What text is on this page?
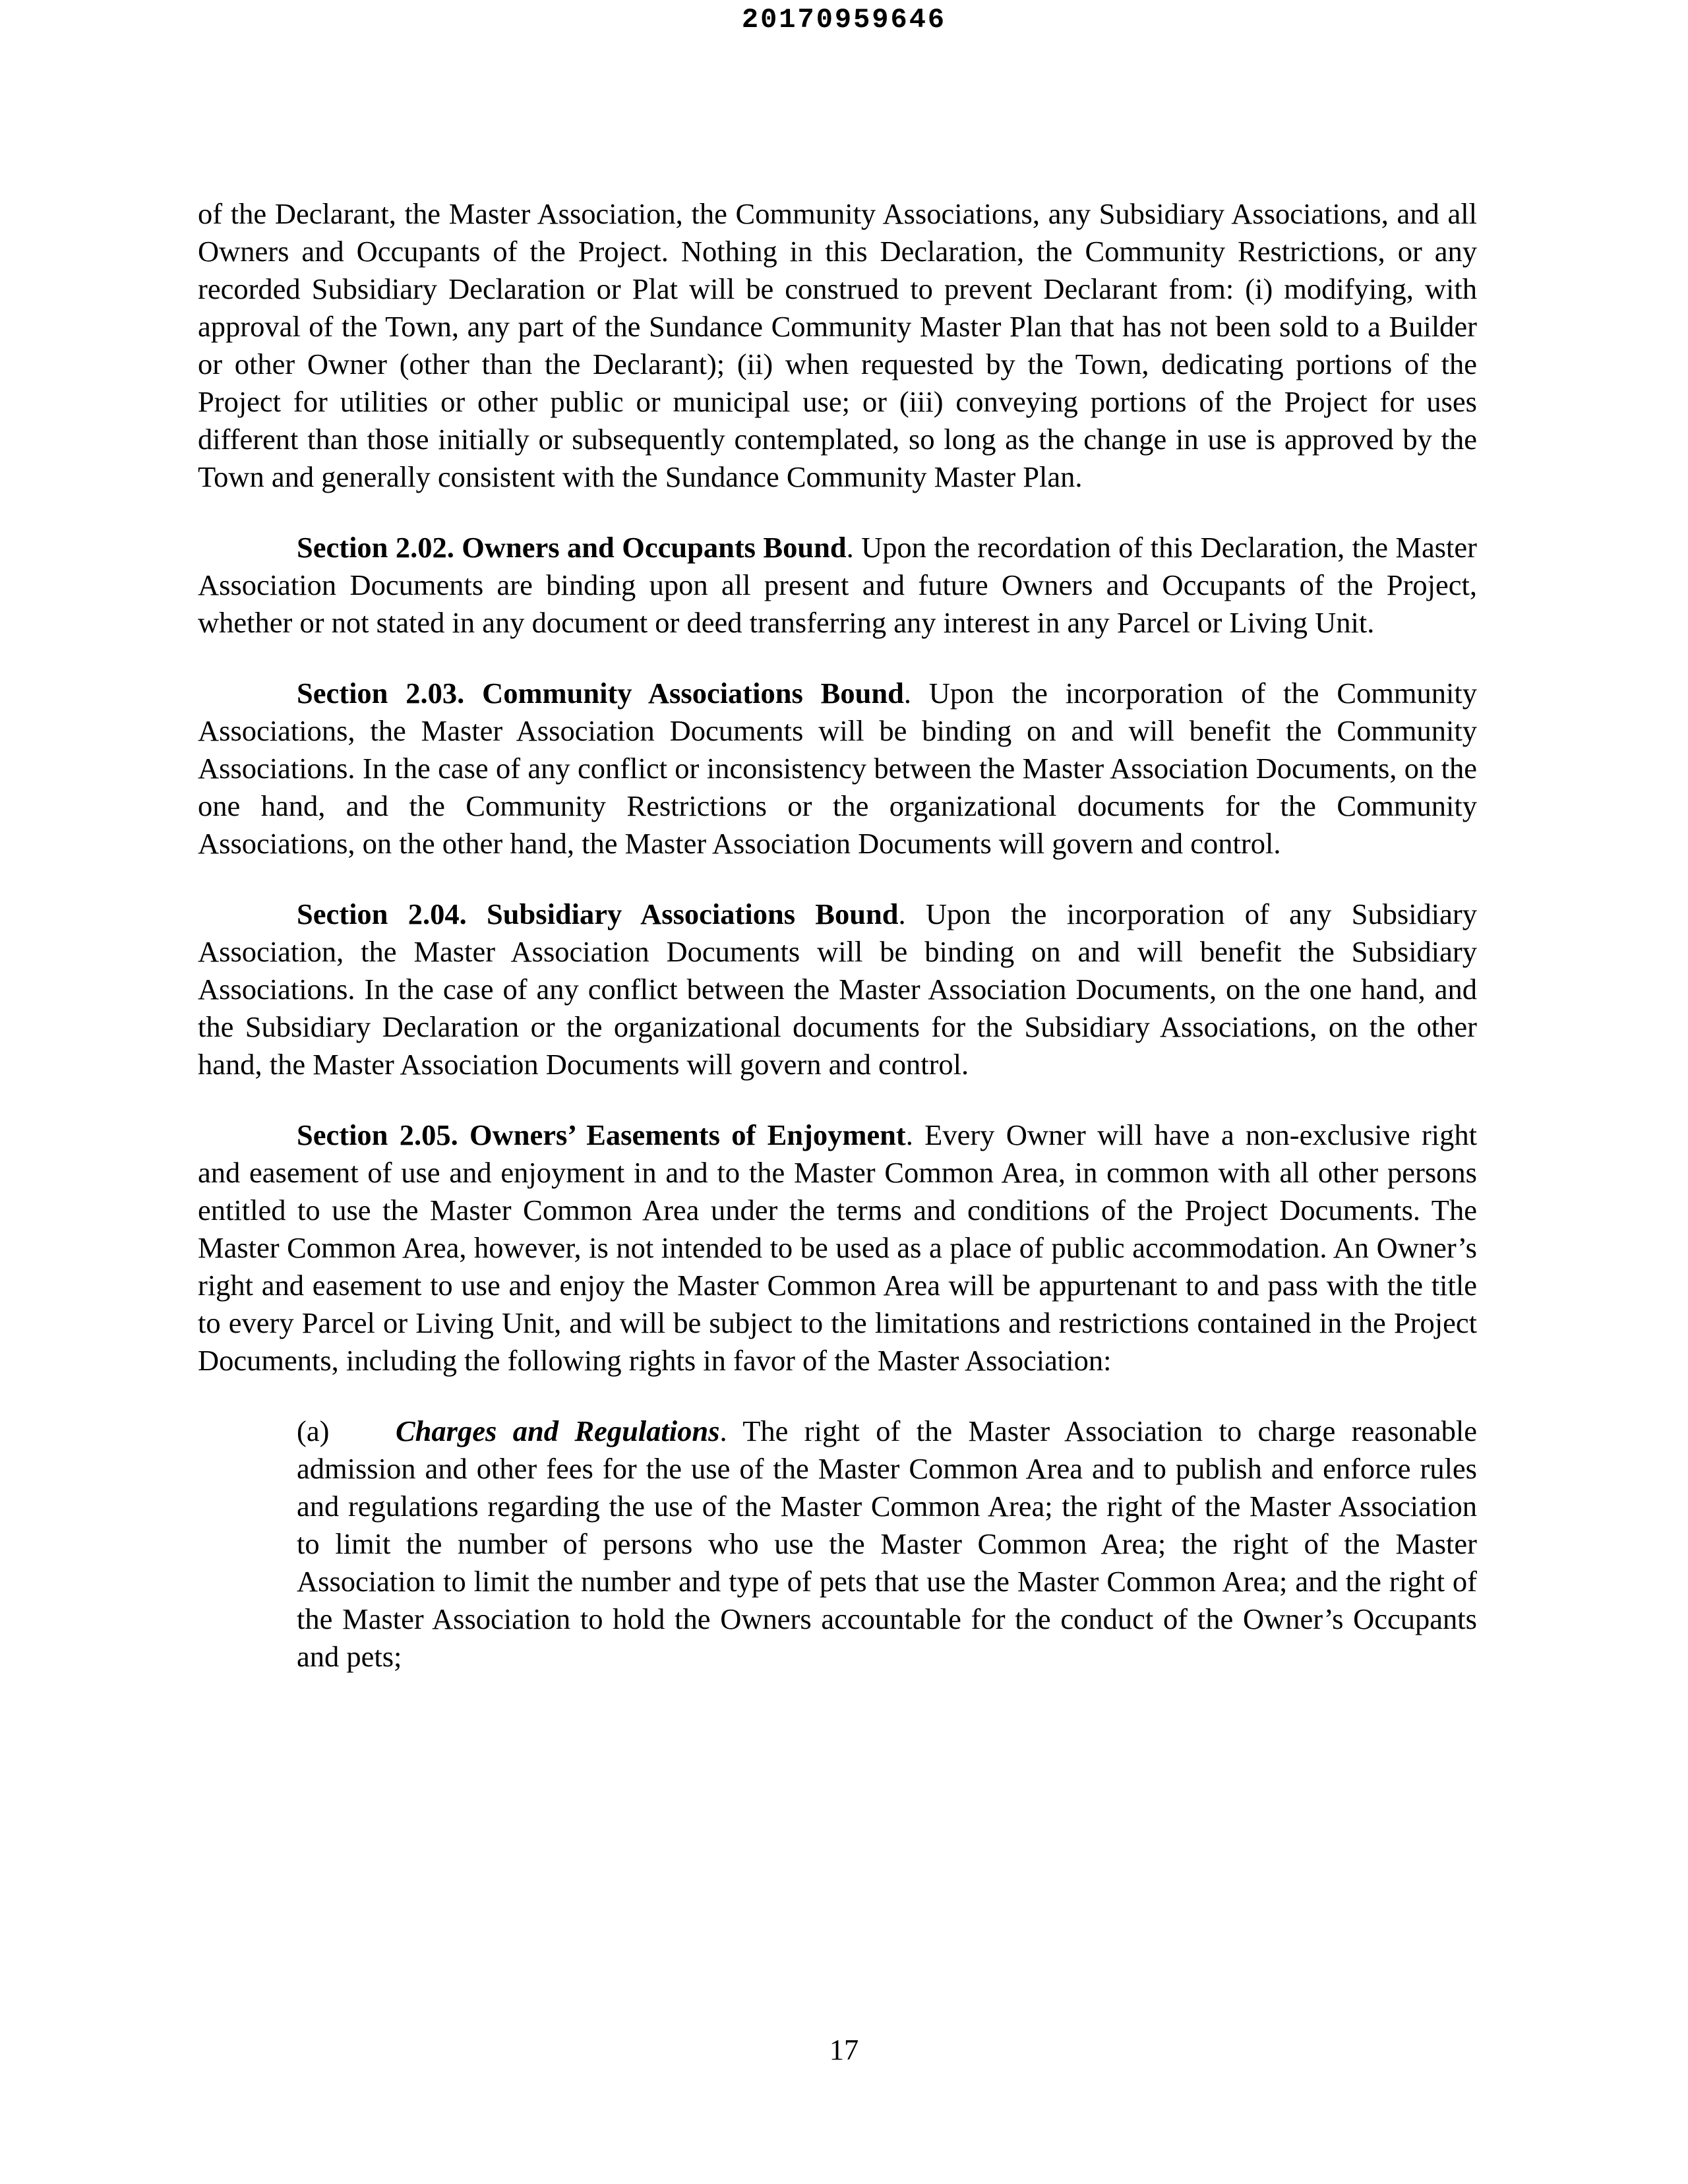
20170959646

of the Declarant, the Master Association, the Community Associations, any Subsidiary Associations, and all Owners and Occupants of the Project. Nothing in this Declaration, the Community Restrictions, or any recorded Subsidiary Declaration or Plat will be construed to prevent Declarant from: (i) modifying, with approval of the Town, any part of the Sundance Community Master Plan that has not been sold to a Builder or other Owner (other than the Declarant); (ii) when requested by the Town, dedicating portions of the Project for utilities or other public or municipal use; or (iii) conveying portions of the Project for uses different than those initially or subsequently contemplated, so long as the change in use is approved by the Town and generally consistent with the Sundance Community Master Plan.

Section 2.02. Owners and Occupants Bound. Upon the recordation of this Declaration, the Master Association Documents are binding upon all present and future Owners and Occupants of the Project, whether or not stated in any document or deed transferring any interest in any Parcel or Living Unit.

Section 2.03. Community Associations Bound. Upon the incorporation of the Community Associations, the Master Association Documents will be binding on and will benefit the Community Associations. In the case of any conflict or inconsistency between the Master Association Documents, on the one hand, and the Community Restrictions or the organizational documents for the Community Associations, on the other hand, the Master Association Documents will govern and control.

Section 2.04. Subsidiary Associations Bound. Upon the incorporation of any Subsidiary Association, the Master Association Documents will be binding on and will benefit the Subsidiary Associations. In the case of any conflict between the Master Association Documents, on the one hand, and the Subsidiary Declaration or the organizational documents for the Subsidiary Associations, on the other hand, the Master Association Documents will govern and control.

Section 2.05. Owners’ Easements of Enjoyment. Every Owner will have a non-exclusive right and easement of use and enjoyment in and to the Master Common Area, in common with all other persons entitled to use the Master Common Area under the terms and conditions of the Project Documents. The Master Common Area, however, is not intended to be used as a place of public accommodation. An Owner’s right and easement to use and enjoy the Master Common Area will be appurtenant to and pass with the title to every Parcel or Living Unit, and will be subject to the limitations and restrictions contained in the Project Documents, including the following rights in favor of the Master Association:

(a) Charges and Regulations. The right of the Master Association to charge reasonable admission and other fees for the use of the Master Common Area and to publish and enforce rules and regulations regarding the use of the Master Common Area; the right of the Master Association to limit the number of persons who use the Master Common Area; the right of the Master Association to limit the number and type of pets that use the Master Common Area; and the right of the Master Association to hold the Owners accountable for the conduct of the Owner’s Occupants and pets;

17
